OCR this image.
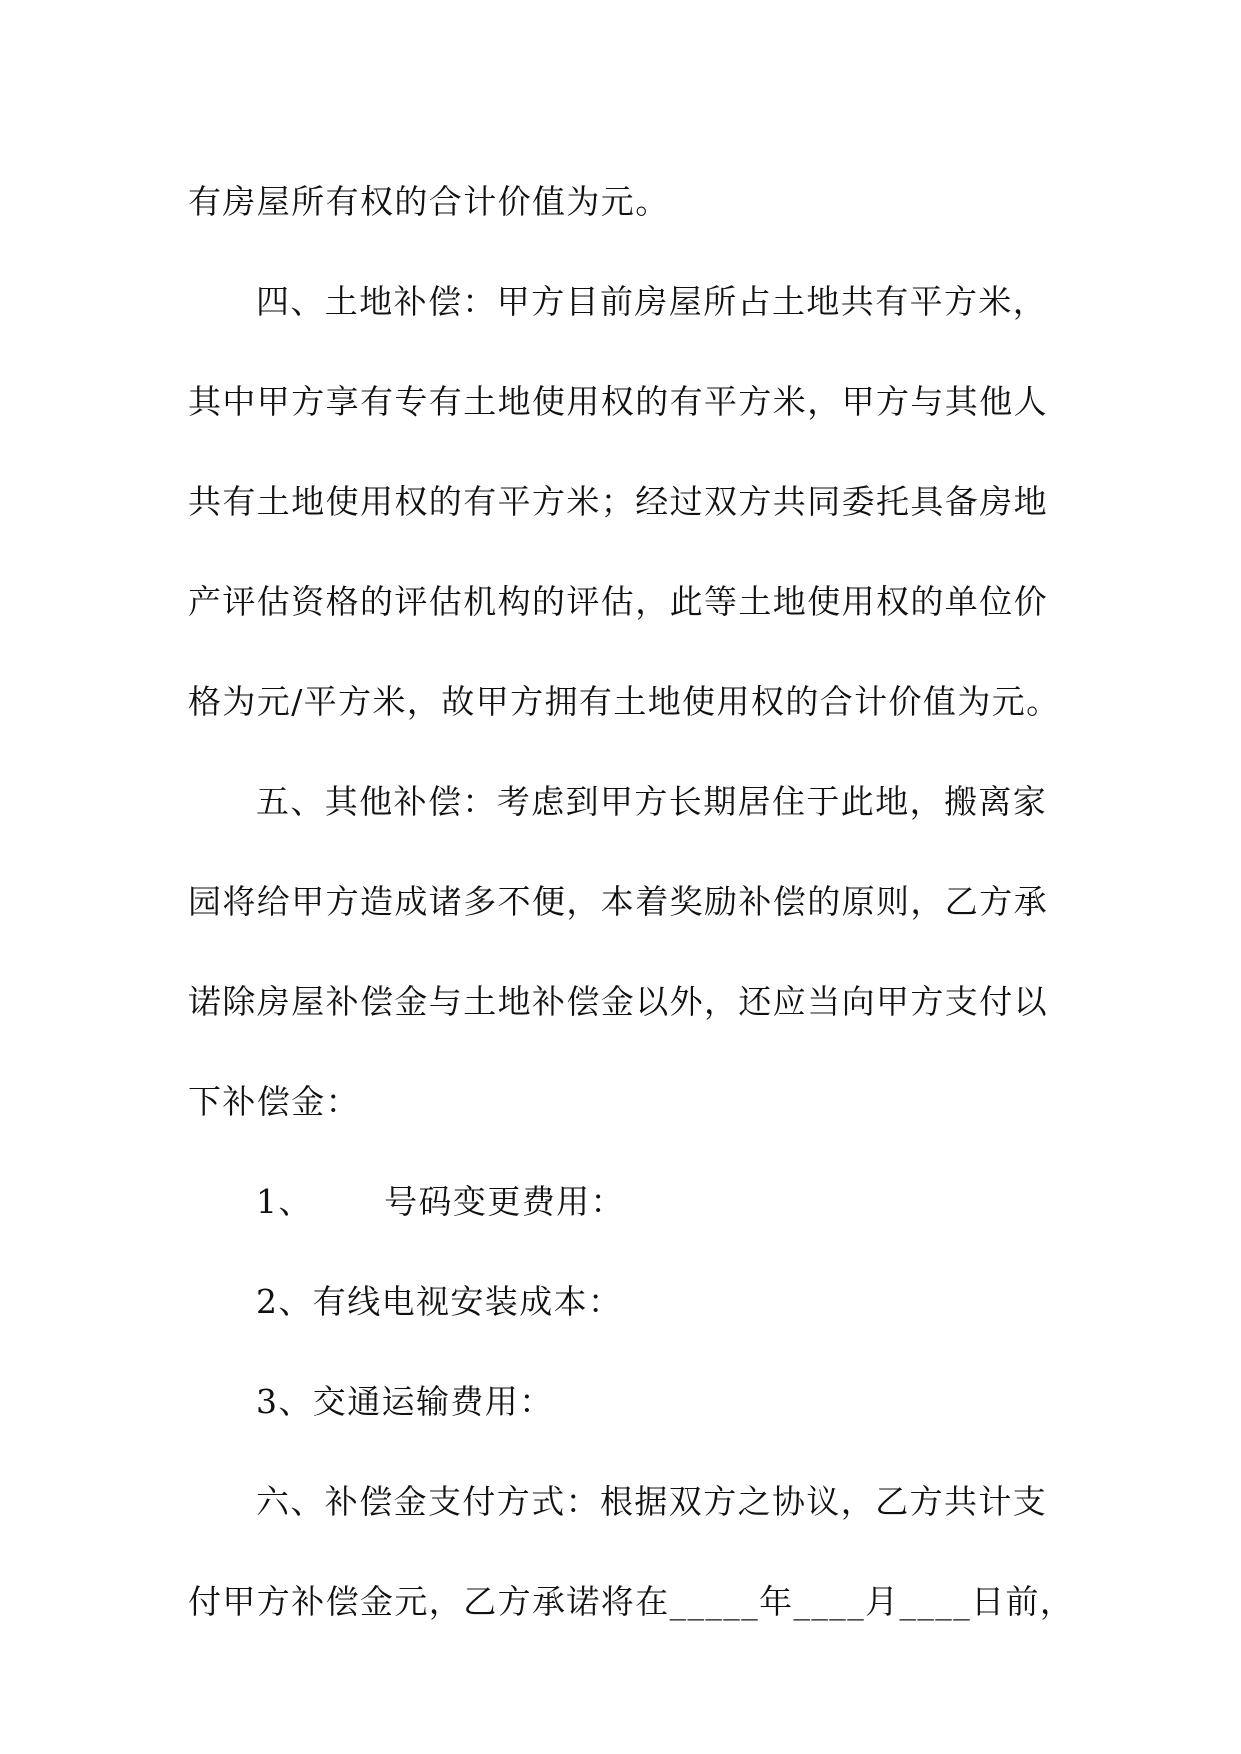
有房屋所有权的合计价值为元。
四、土地补偿：甲方目前房屋所占土地共有平方米，
其中甲方享有专有土地使用权的有平方米，甲方与其他人
共有土地使用权的有平方米；经过双方共同委托具备房地
产评估资格的评估机构的评估，此等土地使用权的单位价
格为元/平方米，故甲方拥有土地使用权的合计价值为元。
五、其他补偿：考虑到甲方长期居住于此地，搬离家
园将给甲方造成诸多不便，本着奖励补偿的原则，乙方承
诺除房屋补偿金与土地补偿金以外，还应当向甲方支付以
下补偿金：
1、      号码变更费用：
2、有线电视安装成本：
3、交通运输费用：
六、补偿金支付方式：根据双方之协议，乙方共计支
付甲方补偿金元，乙方承诺将在_____年____月____日前，
